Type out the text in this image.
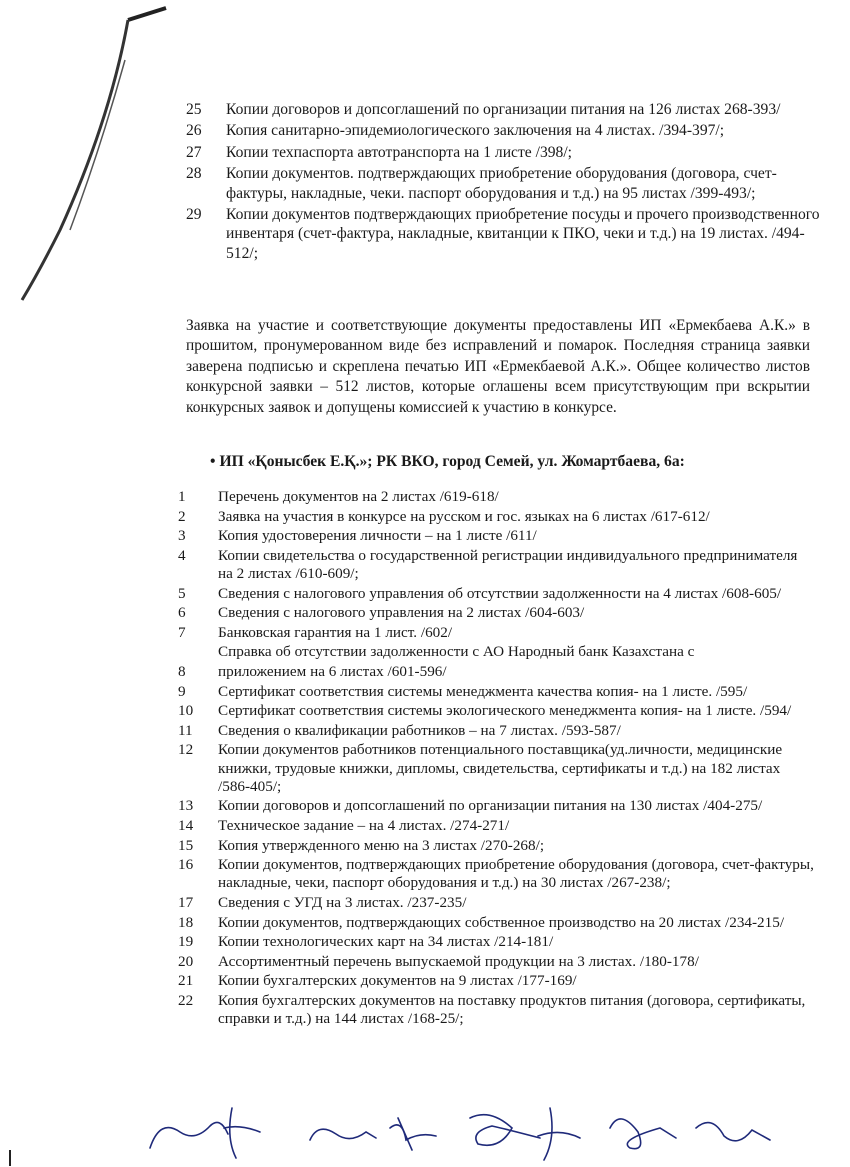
25	Копии договоров и допсоглашений по организации питания на 126 листах 268-393/
26	Копия санитарно-эпидемиологического заключения на 4 листах. /394-397/;
27	Копии техпаспорта автотранспорта на 1 листе /398/;
28	Копии документов. подтверждающих приобретение оборудования (договора, счет-фактуры, накладные, чеки. паспорт оборудования и т.д.) на 95 листах /399-493/;
29	Копии документов подтверждающих приобретение посуды и прочего производственного инвентаря (счет-фактура, накладные, квитанции к ПКО, чеки и т.д.) на 19 листах. /494-512/;

Заявка на участие и соответствующие документы предоставлены ИП «Ермекбаева А.К.» в прошитом, пронумерованном виде без исправлений и помарок. Последняя страница заявки заверена подписью и скреплена печатью ИП «Ермекбаевой А.К.». Общее количество листов конкурсной заявки – 512 листов, которые оглашены всем присутствующим при вскрытии конкурсных заявок и допущены комиссией к участию в конкурсе.

• ИП «Қоныcбек Е.Қ.»; РК ВКО, город Семей, ул. Жомартбаева, 6а:
1	Перечень документов на 2 листах /619-618/
2	Заявка на участия в конкурсе на русском и гос. языках на 6 листах /617-612/
3	Копия удостоверения личности – на 1 листе /611/
4	Копии свидетельства о государственной регистрации индивидуального предпринимателя на 2 листах /610-609/;
5	Сведения с налогового управления об отсутствии задолженности на 4 листах /608-605/
6	Сведения с налогового управления на 2 листах /604-603/
7	Банковская гарантия на 1 лист. /602/
Справка об отсутствии задолженности с АО Народный банк Казахстана с
8	приложением на 6 листах /601-596/
9	Сертификат соответствия системы менеджмента качества копия- на 1 листе. /595/
10	Сертификат соответствия системы экологического менеджмента копия- на 1 листе. /594/
11	Сведения о квалификации работников – на 7 листах. /593-587/
12	Копии документов работников потенциального поставщика(уд.личности, медицинские книжки, трудовые книжки, дипломы, свидетельства, сертификаты и т.д.) на 182 листах /586-405/;
13	Копии договоров и допсоглашений по организации питания на 130 листах /404-275/
14	Техническое задание – на 4 листах. /274-271/
15	Копия утвержденного меню на 3 листах /270-268/;
16	Копии документов, подтверждающих приобретение оборудования (договора, счет-фактуры, накладные, чеки, паспорт оборудования и т.д.) на 30 листах /267-238/;
17	Сведения с УГД на 3 листах. /237-235/
18	Копии документов, подтверждающих собственное производство на 20 листах /234-215/
19	Копии технологических карт на 34 листах /214-181/
20	Ассортиментный перечень выпускаемой продукции на 3 листах. /180-178/
21	Копии бухгалтерских документов на 9 листах /177-169/
22	Копия бухгалтерских документов на поставку продуктов питания (договора, сертификаты, справки и т.д.) на 144 листах /168-25/;
